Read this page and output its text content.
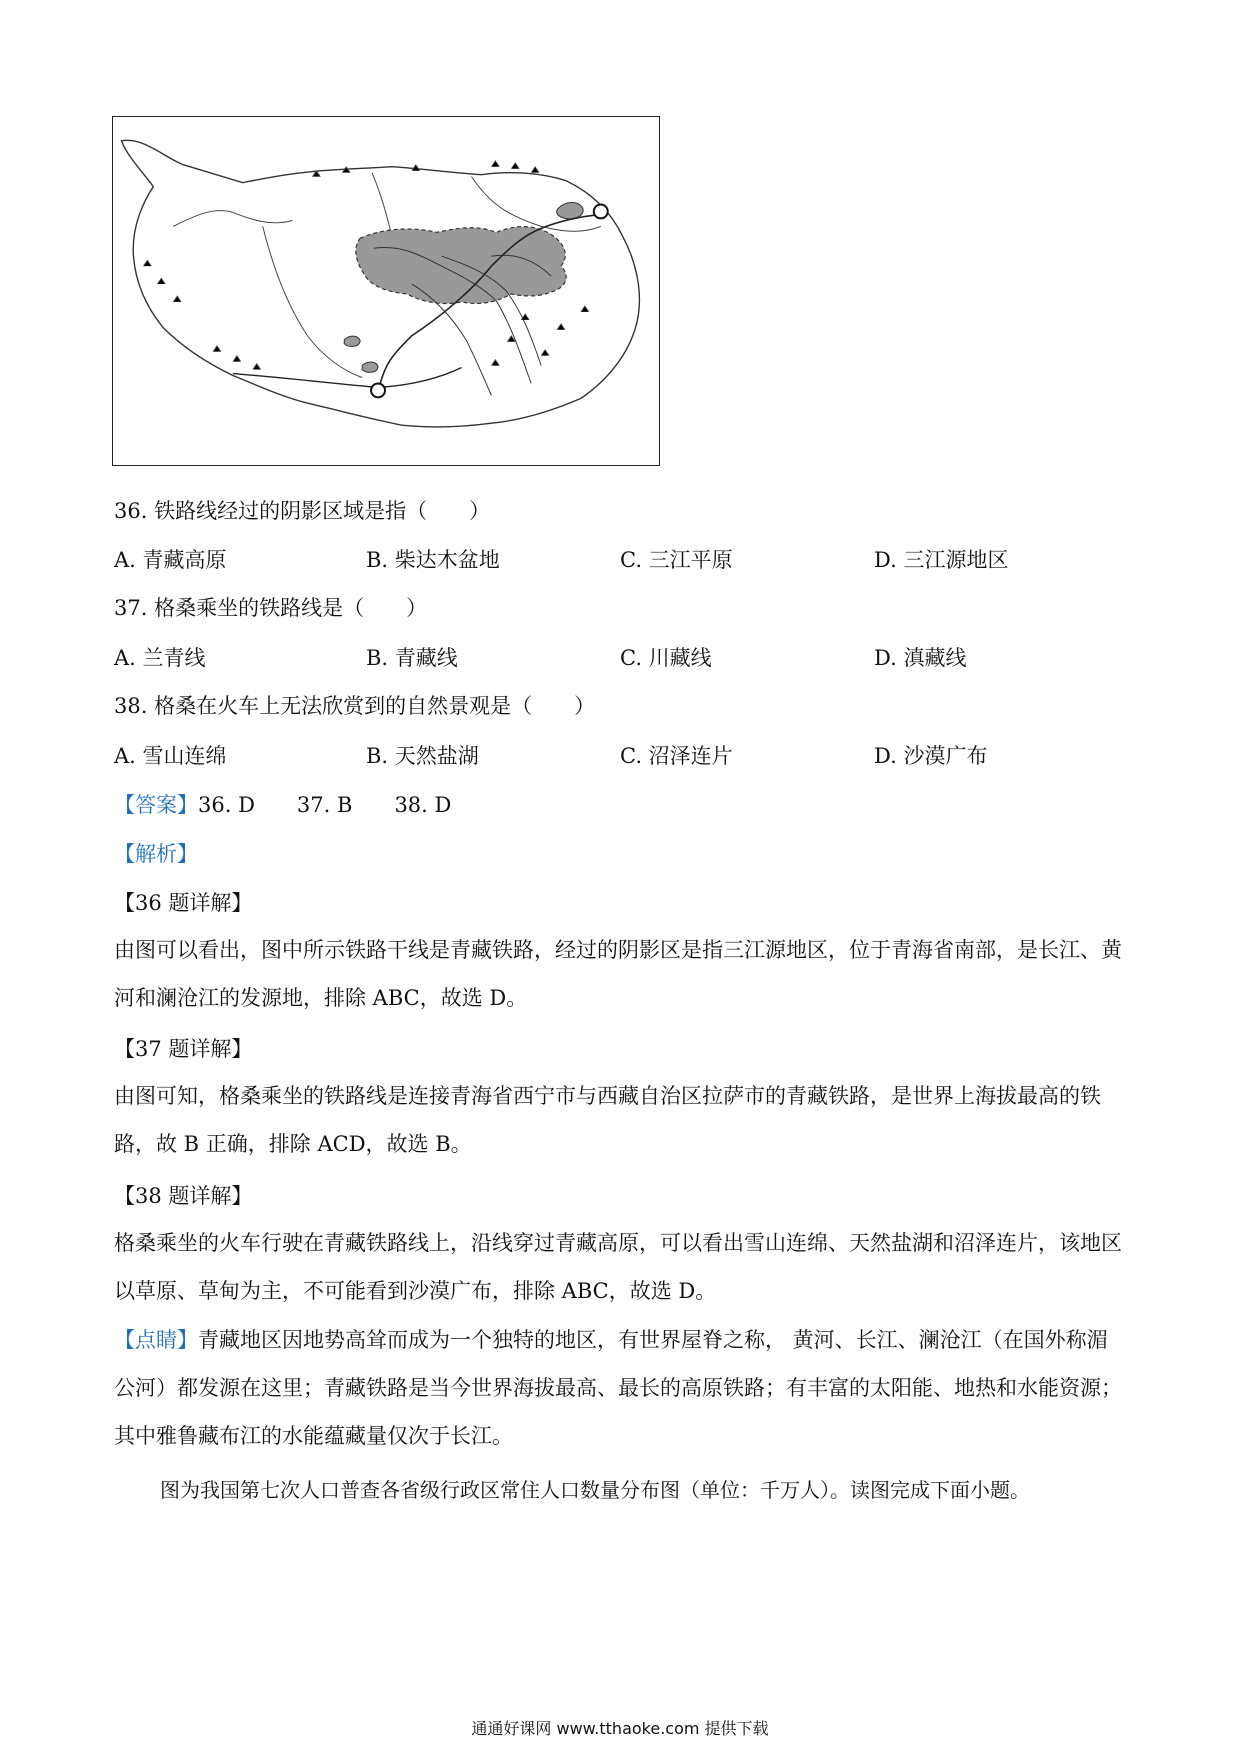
36. 铁路线经过的阴影区域是指（　　）
A. 青藏高原	B. 柴达木盆地	C. 三江平原	D. 三江源地区
37. 格桑乘坐的铁路线是（　　）
A. 兰青线	B. 青藏线	C. 川藏线	D. 滇藏线
38. 格桑在火车上无法欣赏到的自然景观是（　　）
A. 雪山连绵	B. 天然盐湖	C. 沼泽连片	D. 沙漠广布
【答案】36. D 37. B 38. D
【解析】
【36 题详解】
由图可以看出，图中所示铁路干线是青藏铁路，经过的阴影区是指三江源地区，位于青海省南部，是长江、黄河和澜沧江的发源地，排除 ABC，故选 D。
【37 题详解】
由图可知，格桑乘坐的铁路线是连接青海省西宁市与西藏自治区拉萨市的青藏铁路，是世界上海拔最高的铁路，故 B 正确，排除 ACD，故选 B。
【38 题详解】
格桑乘坐的火车行驶在青藏铁路线上，沿线穿过青藏高原，可以看出雪山连绵、天然盐湖和沼泽连片，该地区以草原、草甸为主，不可能看到沙漠广布，排除 ABC，故选 D。
【点睛】青藏地区因地势高耸而成为一个独特的地区，有世界屋脊之称， 黄河、长江、澜沧江（在国外称湄公河）都发源在这里；青藏铁路是当今世界海拔最高、最长的高原铁路；有丰富的太阳能、地热和水能资源；其中雅鲁藏布江的水能蕴藏量仅次于长江。
图为我国第七次人口普查各省级行政区常住人口数量分布图（单位：千万人）。读图完成下面小题。
通通好课网 www.tthaoke.com 提供下载
